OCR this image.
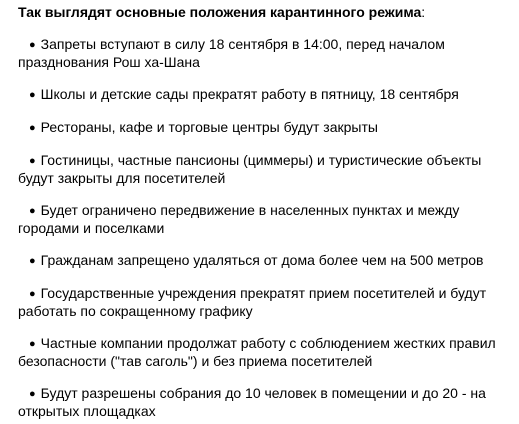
Так выглядят основные положения карантинного режима:

● Запреты вступают в силу 18 сентября в 14:00, перед началом празднования Рош ха-Шана
● Школы и детские сады прекратят работу в пятницу, 18 сентября
● Рестораны, кафе и торговые центры будут закрыты
● Гостиницы, частные пансионы (циммеры) и туристические объекты будут закрыты для посетителей
● Будет ограничено передвижение в населенных пунктах и между городами и поселками
● Гражданам запрещено удаляться от дома более чем на 500 метров
● Государственные учреждения прекратят прием посетителей и будут работать по сокращенному графику
● Частные компании продолжат работу с соблюдением жестких правил безопасности ("тав саголь") и без приема посетителей
● Будут разрешены собрания до 10 человек в помещении и до 20 - на открытых площадках
